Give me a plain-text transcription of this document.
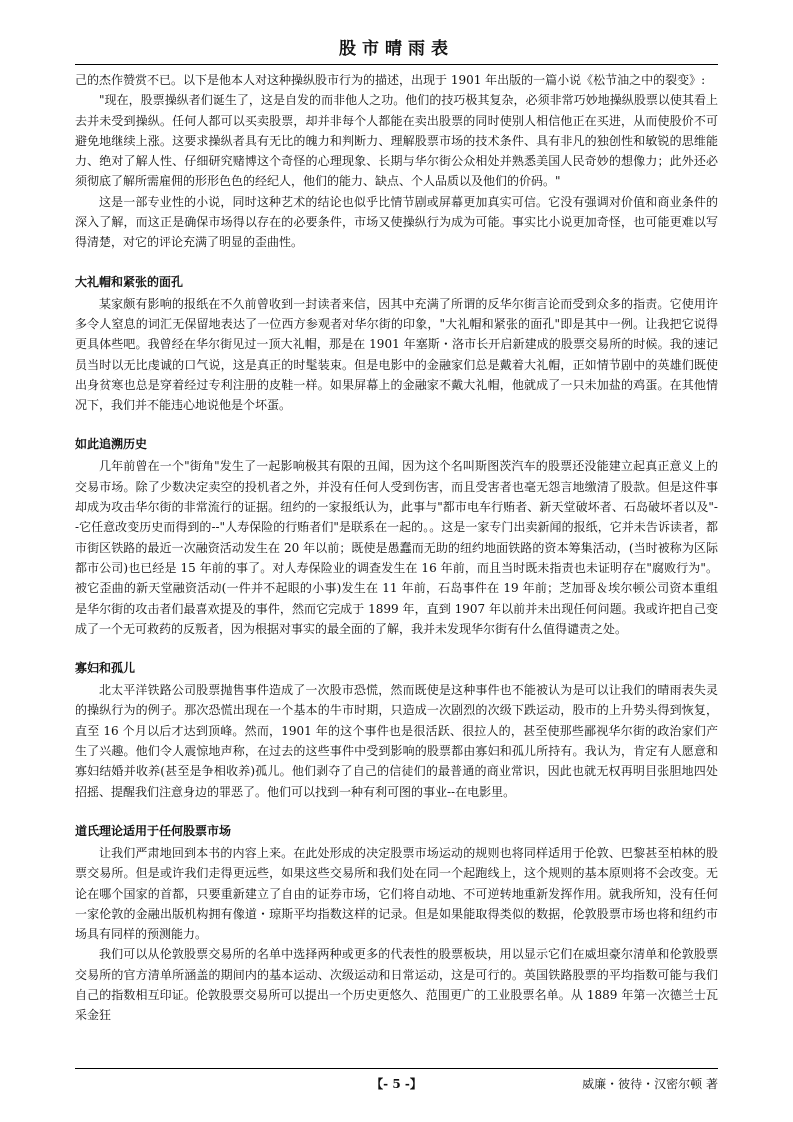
股市晴雨表

己的杰作赞赏不已。以下是他本人对这种操纵股市行为的描述，出现于 1901 年出版的一篇小说《松节油之中的裂变》:

"现在，股票操纵者们诞生了，这是自发的而非他人之功。他们的技巧极其复杂，必须非常巧妙地操纵股票以使其看上去并未受到操纵。任何人都可以买卖股票，却并非每个人都能在卖出股票的同时使别人相信他正在买进，从而使股价不可避免地继续上涨。这要求操纵者具有无比的魄力和判断力、理解股票市场的技术条件、具有非凡的独创性和敏锐的思维能力、绝对了解人性、仔细研究赌博这个奇怪的心理现象、长期与华尔街公众相处并熟悉美国人民奇妙的想像力；此外还必须彻底了解所需雇佣的形形色色的经纪人，他们的能力、缺点、个人品质以及他们的价码。"

这是一部专业性的小说，同时这种艺术的结论也似乎比情节剧或屏幕更加真实可信。它没有强调对价值和商业条件的深入了解，而这正是确保市场得以存在的必要条件，市场又使操纵行为成为可能。事实比小说更加奇怪，也可能更难以写得清楚，对它的评论充满了明显的歪曲性。

大礼帽和紧张的面孔

某家颇有影响的报纸在不久前曾收到一封读者来信，因其中充满了所谓的反华尔街言论而受到众多的指责。它使用许多令人窒息的词汇无保留地表达了一位西方参观者对华尔街的印象，"大礼帽和紧张的面孔"即是其中一例。让我把它说得更具体些吧。我曾经在华尔街见过一顶大礼帽，那是在 1901 年塞斯・洛市长开启新建成的股票交易所的时候。我的速记员当时以无比虔诚的口气说，这是真正的时髦装束。但是电影中的金融家们总是戴着大礼帽，正如情节剧中的英雄们既使出身贫寒也总是穿着经过专利注册的皮鞋一样。如果屏幕上的金融家不戴大礼帽，他就成了一只未加盐的鸡蛋。在其他情况下，我们并不能违心地说他是个坏蛋。

如此追溯历史

几年前曾在一个"街角"发生了一起影响极其有限的丑闻，因为这个名叫斯图茨汽车的股票还没能建立起真正意义上的交易市场。除了少数决定卖空的投机者之外，并没有任何人受到伤害，而且受害者也毫无怨言地缴清了股款。但是这件事却成为攻击华尔街的非常流行的证据。纽约的一家报纸认为，此事与"都市电车行贿者、新天堂破坏者、石岛破坏者以及"--它任意改变历史而得到的--"人寿保险的行贿者们"是联系在一起的。。这是一家专门出卖新闻的报纸，它并未告诉读者，都市街区铁路的最近一次融资活动发生在 20 年以前；既使是愚蠢而无助的纽约地面铁路的资本筹集活动，(当时被称为区际都市公司)也已经是 15 年前的事了。对人寿保险业的调查发生在 16 年前，而且当时既未指责也未证明存在"腐败行为"。被它歪曲的新天堂融资活动(一件并不起眼的小事)发生在 11 年前，石岛事件在 19 年前；芝加哥＆埃尔顿公司资本重组是华尔街的攻击者们最喜欢提及的事件，然而它完成于 1899 年，直到 1907 年以前并未出现任何问题。我或许把自己变成了一个无可救药的反叛者，因为根据对事实的最全面的了解，我并未发现华尔街有什么值得谴责之处。

寡妇和孤儿

北太平洋铁路公司股票抛售事件造成了一次股市恐慌，然而既使是这种事件也不能被认为是可以让我们的晴雨表失灵的操纵行为的例子。那次恐慌出现在一个基本的牛市时期，只造成一次剧烈的次级下跌运动，股市的上升势头得到恢复，直至 16 个月以后才达到顶峰。然而，1901 年的这个事件也是很活跃、很拉人的，甚至使那些鄙视华尔街的政治家们产生了兴趣。他们令人震惊地声称，在过去的这些事件中受到影响的股票都由寡妇和孤儿所持有。我认为，肯定有人愿意和寡妇结婚并收养(甚至是争相收养)孤儿。他们剥夺了自己的信徒们的最普通的商业常识，因此也就无权再明目张胆地四处招摇、提醒我们注意身边的罪恶了。他们可以找到一种有利可图的事业--在电影里。

道氏理论适用于任何股票市场

让我们严肃地回到本书的内容上来。在此处形成的决定股票市场运动的规则也将同样适用于伦敦、巴黎甚至柏林的股票交易所。但是或许我们走得更远些，如果这些交易所和我们处在同一个起跑线上，这个规则的基本原则将不会改变。无论在哪个国家的首都，只要重新建立了自由的证券市场，它们将自动地、不可逆转地重新发挥作用。就我所知，没有任何一家伦敦的金融出版机构拥有像道・琼斯平均指数这样的记录。但是如果能取得类似的数据，伦敦股票市场也将和纽约市场具有同样的预测能力。

我们可以从伦敦股票交易所的名单中选择两种或更多的代表性的股票板块，用以显示它们在威坦豪尔清单和伦敦股票交易所的官方清单所涵盖的期间内的基本运动、次级运动和日常运动，这是可行的。英国铁路股票的平均指数可能与我们自己的指数相互印证。伦敦股票交易所可以提出一个历史更悠久、范围更广的工业股票名单。从 1889 年第一次德兰士瓦采金狂

【- 5 -】	威廉・彼待・汉密尔顿 著
